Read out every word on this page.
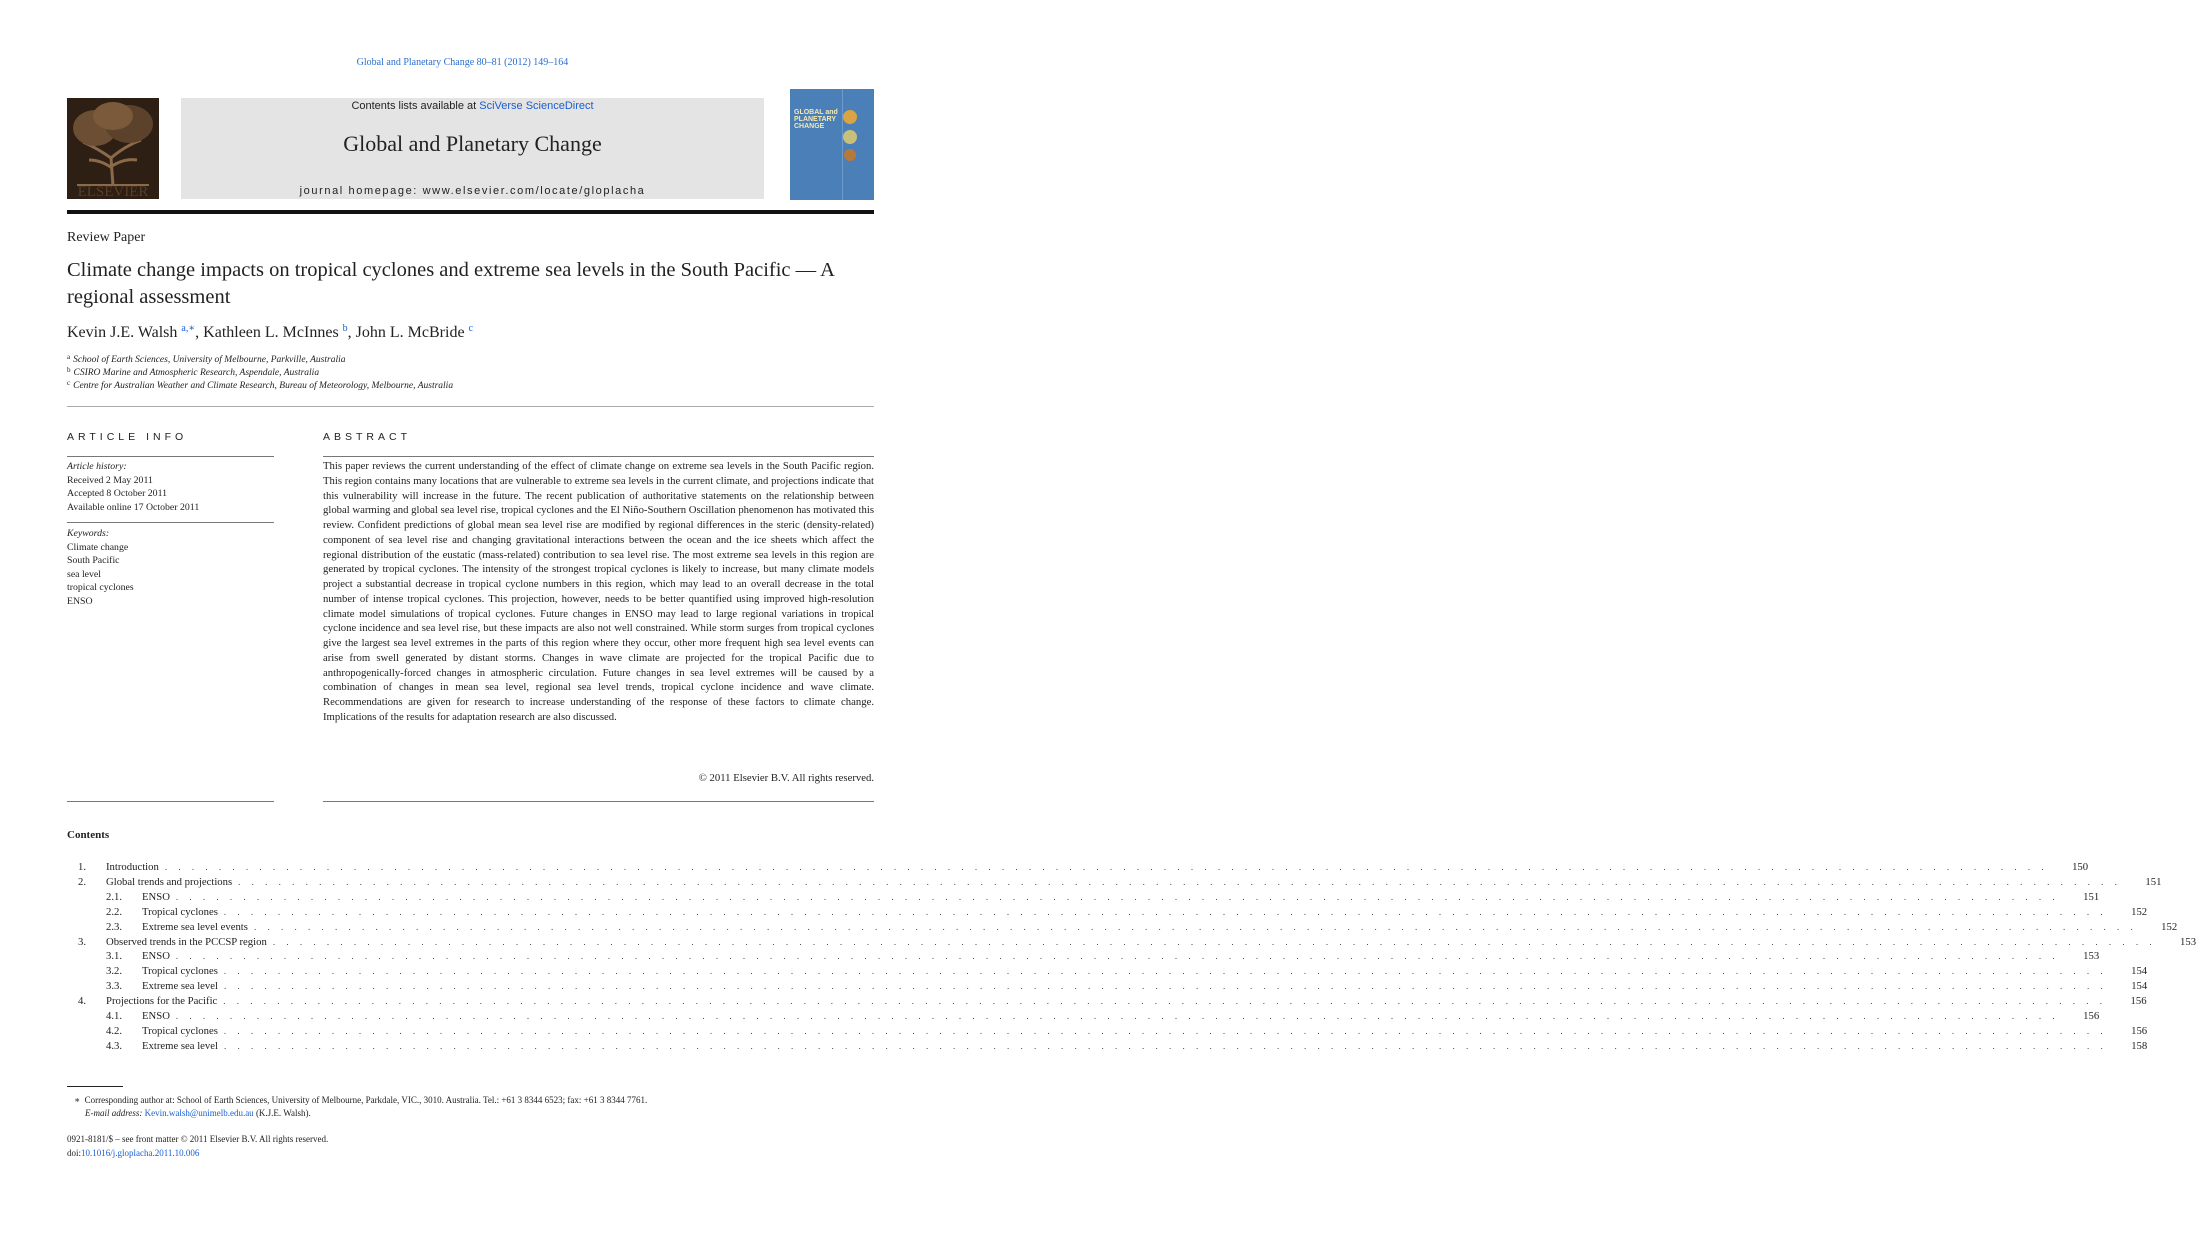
Global and Planetary Change 80–81 (2012) 149–164
ELSEVIER
Contents lists available at SciVerse ScienceDirect
Global and Planetary Change
journal homepage: www.elsevier.com/locate/gloplacha
GLOBAL and PLANETARY CHANGE
Review Paper
Climate change impacts on tropical cyclones and extreme sea levels in the South Pacific — A regional assessment
Kevin J.E. Walsh $^{a,∗}$, Kathleen L. McInnes $^b$, John L. McBride $^c$
$^a$ School of Earth Sciences, University of Melbourne, Parkville, Australia
$^b$ CSIRO Marine and Atmospheric Research, Aspendale, Australia
$^c$ Centre for Australian Weather and Climate Research, Bureau of Meteorology, Melbourne, Australia
ARTICLE INFO
Article history:
Received 2 May 2011
Accepted 8 October 2011
Available online 17 October 2011
Keywords:
Climate change
South Pacific
sea level
tropical cyclones
ENSO
ABSTRACT
This paper reviews the current understanding of the effect of climate change on extreme sea levels in the South Pacific region. This region contains many locations that are vulnerable to extreme sea levels in the current climate, and projections indicate that this vulnerability will increase in the future. The recent publication of authoritative statements on the relationship between global warming and global sea level rise, tropical cyclones and the El Niño-Southern Oscillation phenomenon has motivated this review. Confident predictions of global mean sea level rise are modified by regional differences in the steric (density-related) component of sea level rise and changing gravitational interactions between the ocean and the ice sheets which affect the regional distribution of the eustatic (mass-related) contribution to sea level rise. The most extreme sea levels in this region are generated by tropical cyclones. The intensity of the strongest tropical cyclones is likely to increase, but many climate models project a substantial decrease in tropical cyclone numbers in this region, which may lead to an overall decrease in the total number of intense tropical cyclones. This projection, however, needs to be better quantified using improved high-resolution climate model simulations of tropical cyclones. Future changes in ENSO may lead to large regional variations in tropical cyclone incidence and sea level rise, but these impacts are also not well constrained. While storm surges from tropical cyclones give the largest sea level extremes in the parts of this region where they occur, other more frequent high sea level events can arise from swell generated by distant storms. Changes in wave climate are projected for the tropical Pacific due to anthropogenically-forced changes in atmospheric circulation. Future changes in sea level extremes will be caused by a combination of changes in mean sea level, regional sea level trends, tropical cyclone incidence and wave climate. Recommendations are given for research to increase understanding of the response of these factors to climate change. Implications of the results for adaptation research are also discussed.
© 2011 Elsevier B.V. All rights reserved.
Contents
1.	Introduction . . . . . . . . . . . . . . . . . . . . . . . . . . . . . . . . . . . . . . . . . . . . . . . . . . . . . . . . . . . . . . . . . . . . . . . . . . . . . . . . . . . . . . . . . . . . . . . . . . . . . . . . . . . . . . . . . . . . . . . . . . . . . . . . . . . . . . . . . . . .	150
2.	Global trends and projections . . . . . . . . . . . . . . . . . . . . . . . . . . . . . . . . . . . . . . . . . . . . . . . . . . . . . . . . . . . . . . . . . . . . . . . . . . . . . . . . . . . . . . . . . . . . . . . . . . . . . . . . . . . . . . . . . . . . . . . . . . . . . . . . . . . . . . . . . . . .	151
2.1.	ENSO . . . . . . . . . . . . . . . . . . . . . . . . . . . . . . . . . . . . . . . . . . . . . . . . . . . . . . . . . . . . . . . . . . . . . . . . . . . . . . . . . . . . . . . . . . . . . . . . . . . . . . . . . . . . . . . . . . . . . . . . . . . . . . . . . . . . . . . . . . . .	151
2.2.	Tropical cyclones . . . . . . . . . . . . . . . . . . . . . . . . . . . . . . . . . . . . . . . . . . . . . . . . . . . . . . . . . . . . . . . . . . . . . . . . . . . . . . . . . . . . . . . . . . . . . . . . . . . . . . . . . . . . . . . . . . . . . . . . . . . . . . . . . . . . . . . . . . . .	152
2.3.	Extreme sea level events . . . . . . . . . . . . . . . . . . . . . . . . . . . . . . . . . . . . . . . . . . . . . . . . . . . . . . . . . . . . . . . . . . . . . . . . . . . . . . . . . . . . . . . . . . . . . . . . . . . . . . . . . . . . . . . . . . . . . . . . . . . . . . . . . . . . . . . . . . . .	152
3.	Observed trends in the PCCSP region . . . . . . . . . . . . . . . . . . . . . . . . . . . . . . . . . . . . . . . . . . . . . . . . . . . . . . . . . . . . . . . . . . . . . . . . . . . . . . . . . . . . . . . . . . . . . . . . . . . . . . . . . . . . . . . . . . . . . . . . . . . . . . . . . . . . . . . . . . . .	153
3.1.	ENSO . . . . . . . . . . . . . . . . . . . . . . . . . . . . . . . . . . . . . . . . . . . . . . . . . . . . . . . . . . . . . . . . . . . . . . . . . . . . . . . . . . . . . . . . . . . . . . . . . . . . . . . . . . . . . . . . . . . . . . . . . . . . . . . . . . . . . . . . . . . .	153
3.2.	Tropical cyclones . . . . . . . . . . . . . . . . . . . . . . . . . . . . . . . . . . . . . . . . . . . . . . . . . . . . . . . . . . . . . . . . . . . . . . . . . . . . . . . . . . . . . . . . . . . . . . . . . . . . . . . . . . . . . . . . . . . . . . . . . . . . . . . . . . . . . . . . . . . .	154
3.3.	Extreme sea level . . . . . . . . . . . . . . . . . . . . . . . . . . . . . . . . . . . . . . . . . . . . . . . . . . . . . . . . . . . . . . . . . . . . . . . . . . . . . . . . . . . . . . . . . . . . . . . . . . . . . . . . . . . . . . . . . . . . . . . . . . . . . . . . . . . . . . . . . . . .	154
4.	Projections for the Pacific . . . . . . . . . . . . . . . . . . . . . . . . . . . . . . . . . . . . . . . . . . . . . . . . . . . . . . . . . . . . . . . . . . . . . . . . . . . . . . . . . . . . . . . . . . . . . . . . . . . . . . . . . . . . . . . . . . . . . . . . . . . . . . . . . . . . . . . . . . . .	156
4.1.	ENSO . . . . . . . . . . . . . . . . . . . . . . . . . . . . . . . . . . . . . . . . . . . . . . . . . . . . . . . . . . . . . . . . . . . . . . . . . . . . . . . . . . . . . . . . . . . . . . . . . . . . . . . . . . . . . . . . . . . . . . . . . . . . . . . . . . . . . . . . . . . .	156
4.2.	Tropical cyclones . . . . . . . . . . . . . . . . . . . . . . . . . . . . . . . . . . . . . . . . . . . . . . . . . . . . . . . . . . . . . . . . . . . . . . . . . . . . . . . . . . . . . . . . . . . . . . . . . . . . . . . . . . . . . . . . . . . . . . . . . . . . . . . . . . . . . . . . . . . .	156
4.3.	Extreme sea level . . . . . . . . . . . . . . . . . . . . . . . . . . . . . . . . . . . . . . . . . . . . . . . . . . . . . . . . . . . . . . . . . . . . . . . . . . . . . . . . . . . . . . . . . . . . . . . . . . . . . . . . . . . . . . . . . . . . . . . . . . . . . . . . . . . . . . . . . . . .	158
∗ Corresponding author at: School of Earth Sciences, University of Melbourne, Parkdale, VIC., 3010. Australia. Tel.: +61 3 8344 6523; fax: +61 3 8344 7761.
E-mail address: Kevin.walsh@unimelb.edu.au (K.J.E. Walsh).
0921-8181/$ – see front matter © 2011 Elsevier B.V. All rights reserved.
doi:10.1016/j.gloplacha.2011.10.006
